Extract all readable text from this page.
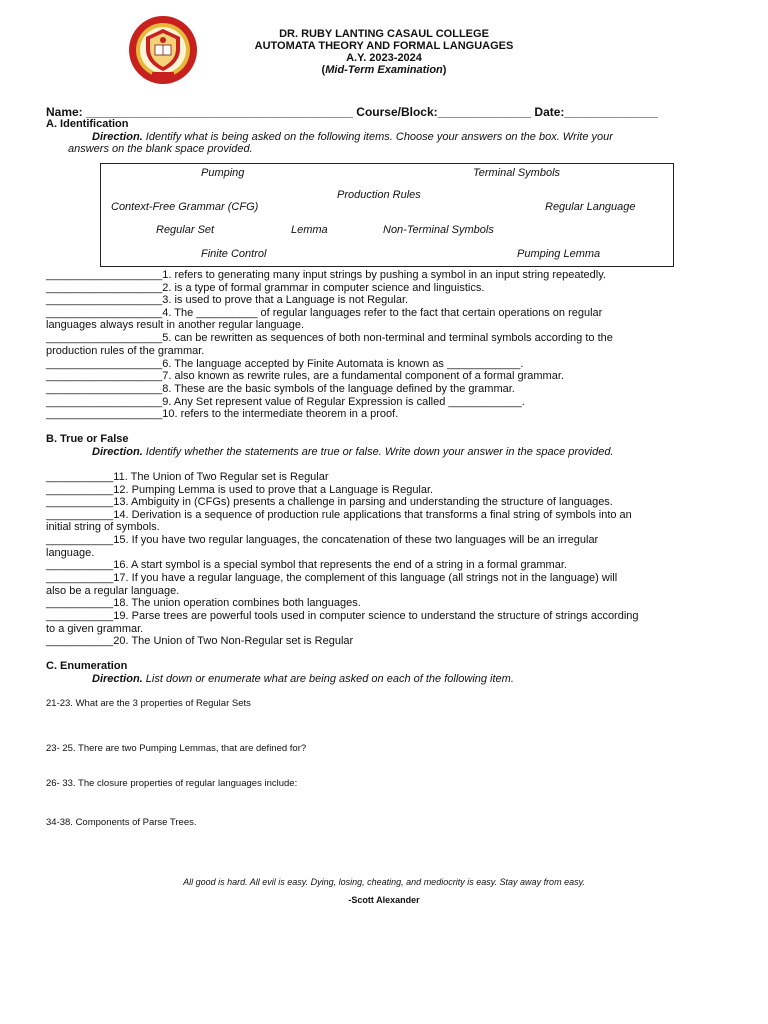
DR. RUBY LANTING CASAUL COLLEGE
AUTOMATA THEORY AND FORMAL LANGUAGES
A.Y. 2023-2024
(Mid-Term Examination)
Name: ________________________________________ Course/Block:______________ Date:______________
A. Identification
Direction. Identify what is being asked on the following items. Choose your answers on the box. Write your
answers on the blank space provided.
Pumping	Terminal Symbols
Production Rules
Context-Free Grammar (CFG)	Regular Language
Regular Set	Lemma	Non-Terminal Symbols
Finite Control	Pumping Lemma
___________________1. refers to generating many input strings by pushing a symbol in an input string repeatedly.
___________________2. is a type of formal grammar in computer science and linguistics.
___________________3. is used to prove that a Language is not Regular.
___________________4. The __________ of regular languages refer to the fact that certain operations on regular
languages always result in another regular language.
___________________5. can be rewritten as sequences of both non-terminal and terminal symbols according to the
production rules of the grammar.
___________________6. The language accepted by Finite Automata is known as ____________.
___________________7. also known as rewrite rules, are a fundamental component of a formal grammar.
___________________8. These are the basic symbols of the language defined by the grammar.
___________________9. Any Set represent value of Regular Expression is called ____________.
___________________10. refers to the intermediate theorem in a proof.
B. True or False
Direction. Identify whether the statements are true or false. Write down your answer in the space provided.
___________11. The Union of Two Regular set is Regular
___________12. Pumping Lemma is used to prove that a Language is Regular.
___________13. Ambiguity in (CFGs) presents a challenge in parsing and understanding the structure of languages.
___________14. Derivation is a sequence of production rule applications that transforms a final string of symbols into an
initial string of symbols.
___________15. If you have two regular languages, the concatenation of these two languages will be an irregular
language.
___________16. A start symbol is a special symbol that represents the end of a string in a formal grammar.
___________17. If you have a regular language, the complement of this language (all strings not in the language) will
also be a regular language.
___________18. The union operation combines both languages.
___________19. Parse trees are powerful tools used in computer science to understand the structure of strings according
to a given grammar.
___________20. The Union of Two Non-Regular set is Regular
C. Enumeration
Direction. List down or enumerate what are being asked on each of the following item.
21-23. What are the 3 properties of Regular Sets
23- 25. There are two Pumping Lemmas, that are defined for?
26- 33. The closure properties of regular languages include:
34-38. Components of Parse Trees.
All good is hard. All evil is easy. Dying, losing, cheating, and mediocrity is easy. Stay away from easy.
-Scott Alexander
